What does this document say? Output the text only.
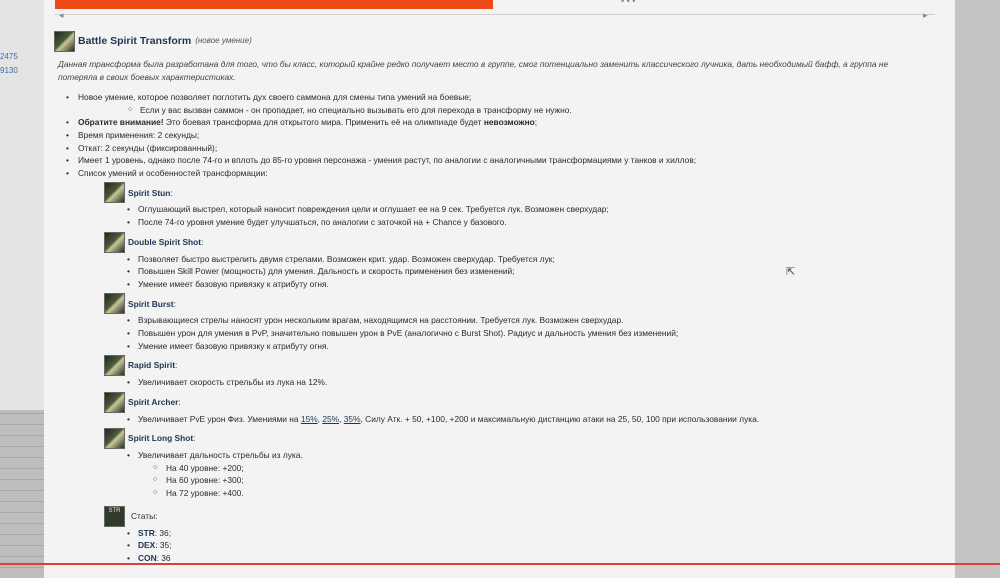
2475
9130
• • •
◂	▸
Battle Spirit Transform (новое умение)
Данная трансформа была разработана для того, что бы класс, который крайне редко получает место в группе, смог потенциально заменить классического лучника, дать необходимый бафф, а группа не потеряла в своих боевых характеристиках.
• Новое умение, которое позволяет поглотить дух своего саммона для смены типа умений на боевые;
○ Если у вас вызван саммон - он пропадает, но специально вызывать его для перехода в трансформу не нужно.
• Обратите внимание! Это боевая трансформа для открытого мира. Применить её на олимпиаде будет невозможно;
• Время применения: 2 секунды;
• Откат: 2 секунды (фиксированный);
• Имеет 1 уровень, однако после 74-го и вплоть до 85-го уровня персонажа - умения растут, по аналогии с аналогичными трансформациями у танков и хиллов;
• Список умений и особенностей трансформации:
Spirit Stun :
• Оглушающий выстрел, который наносит повреждения цели и оглушает ее на 9 сек. Требуется лук. Возможен сверхудар;
• После 74-го уровня умение будет улучшаться, по аналогии с заточкой на + Chance у базового.
Double Spirit Shot :
• Позволяет быстро выстрелить двумя стрелами. Возможен крит. удар. Возможен сверхудар. Требуется лук;
• Повышен Skill Power (мощность) для умения. Дальность и скорость применения без изменений;
• Умение имеет базовую привязку к атрибуту огня.
Spirit Burst :
• Взрывающиеся стрелы наносят урон нескольким врагам, находящимся на расстоянии. Требуется лук. Возможен сверхудар.
• Повышен урон для умения в PvP, значительно повышен урон в PvE (аналогично с Burst Shot). Радиус и дальность умения без изменений;
• Умение имеет базовую привязку к атрибуту огня.
Rapid Spirit :
• Увеличивает скорость стрельбы из лука на 12%.
Spirit Archer :
• Увеличивает PvE урон Физ. Умениями на 15%, 25%, 35%, Силу Атк. + 50, +100, +200 и максимальную дистанцию атаки на 25, 50, 100 при использовании лука.
Spirit Long Shot :
• Увеличивает дальность стрельбы из лука.
○ На 40 уровне: +200;
○ На 60 уровне: +300;
○ На 72 уровне: +400.
STR
Статы:
• STR: 36;
• DEX: 35;
• CON: 36
⇱
